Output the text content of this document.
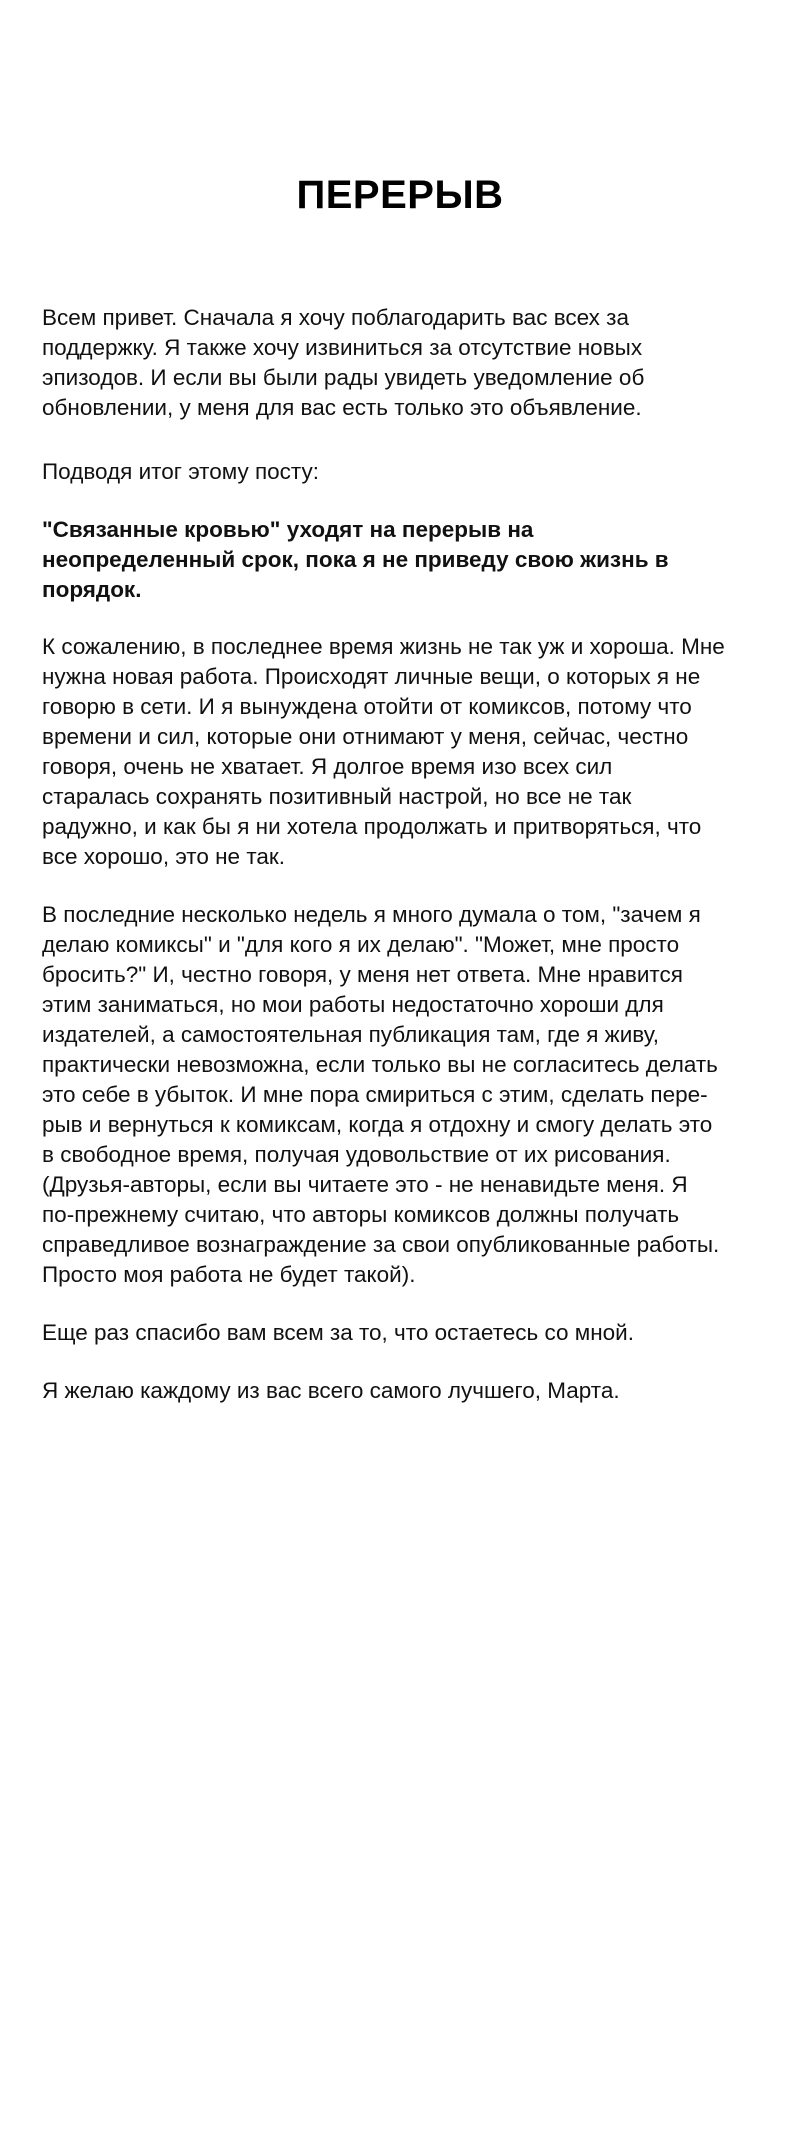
ПЕРЕРЫВ

Всем привет. Сначала я хочу поблагодарить вас всех за поддержку. Я также хочу извиниться за отсутствие новых эпизодов. И если вы были рады увидеть уведомление об обновлении, у меня для вас есть только это объявление.

Подводя итог этому посту:

"Связанные кровью" уходят на перерыв на неопределенный срок, пока я не приведу свою жизнь в порядок.

К сожалению, в последнее время жизнь не так уж и хороша. Мне нужна новая работа. Происходят личные вещи, о которых я не говорю в сети. И я вынуждена отойти от комиксов, потому что времени и сил, которые они отнимают у меня, сейчас, честно говоря, очень не хватает. Я долгое время изо всех сил старалась сохранять позитивный настрой, но все не так радужно, и как бы я ни хотела продолжать и притворяться, что все хорошо, это не так.

В последние несколько недель я много думала о том, "зачем я делаю комиксы" и "для кого я их делаю". "Может, мне просто бросить?" И, честно говоря, у меня нет ответа. Мне нравится этим заниматься, но мои работы недостаточно хороши для издателей, а самостоятельная публикация там, где я живу, практически невозможна, если только вы не согласитесь делать это себе в убыток. И мне пора смириться с этим, сделать перерыв и вернуться к комиксам, когда я отдохну и смогу делать это в свободное время, получая удовольствие от их рисования. (Друзья-авторы, если вы читаете это - не ненавидьте меня. Я по-прежнему считаю, что авторы комиксов должны получать справедливое вознаграждение за свои опубликованные работы. Просто моя работа не будет такой).

Еще раз спасибо вам всем за то, что остаетесь со мной.

Я желаю каждому из вас всего самого лучшего, Марта.
